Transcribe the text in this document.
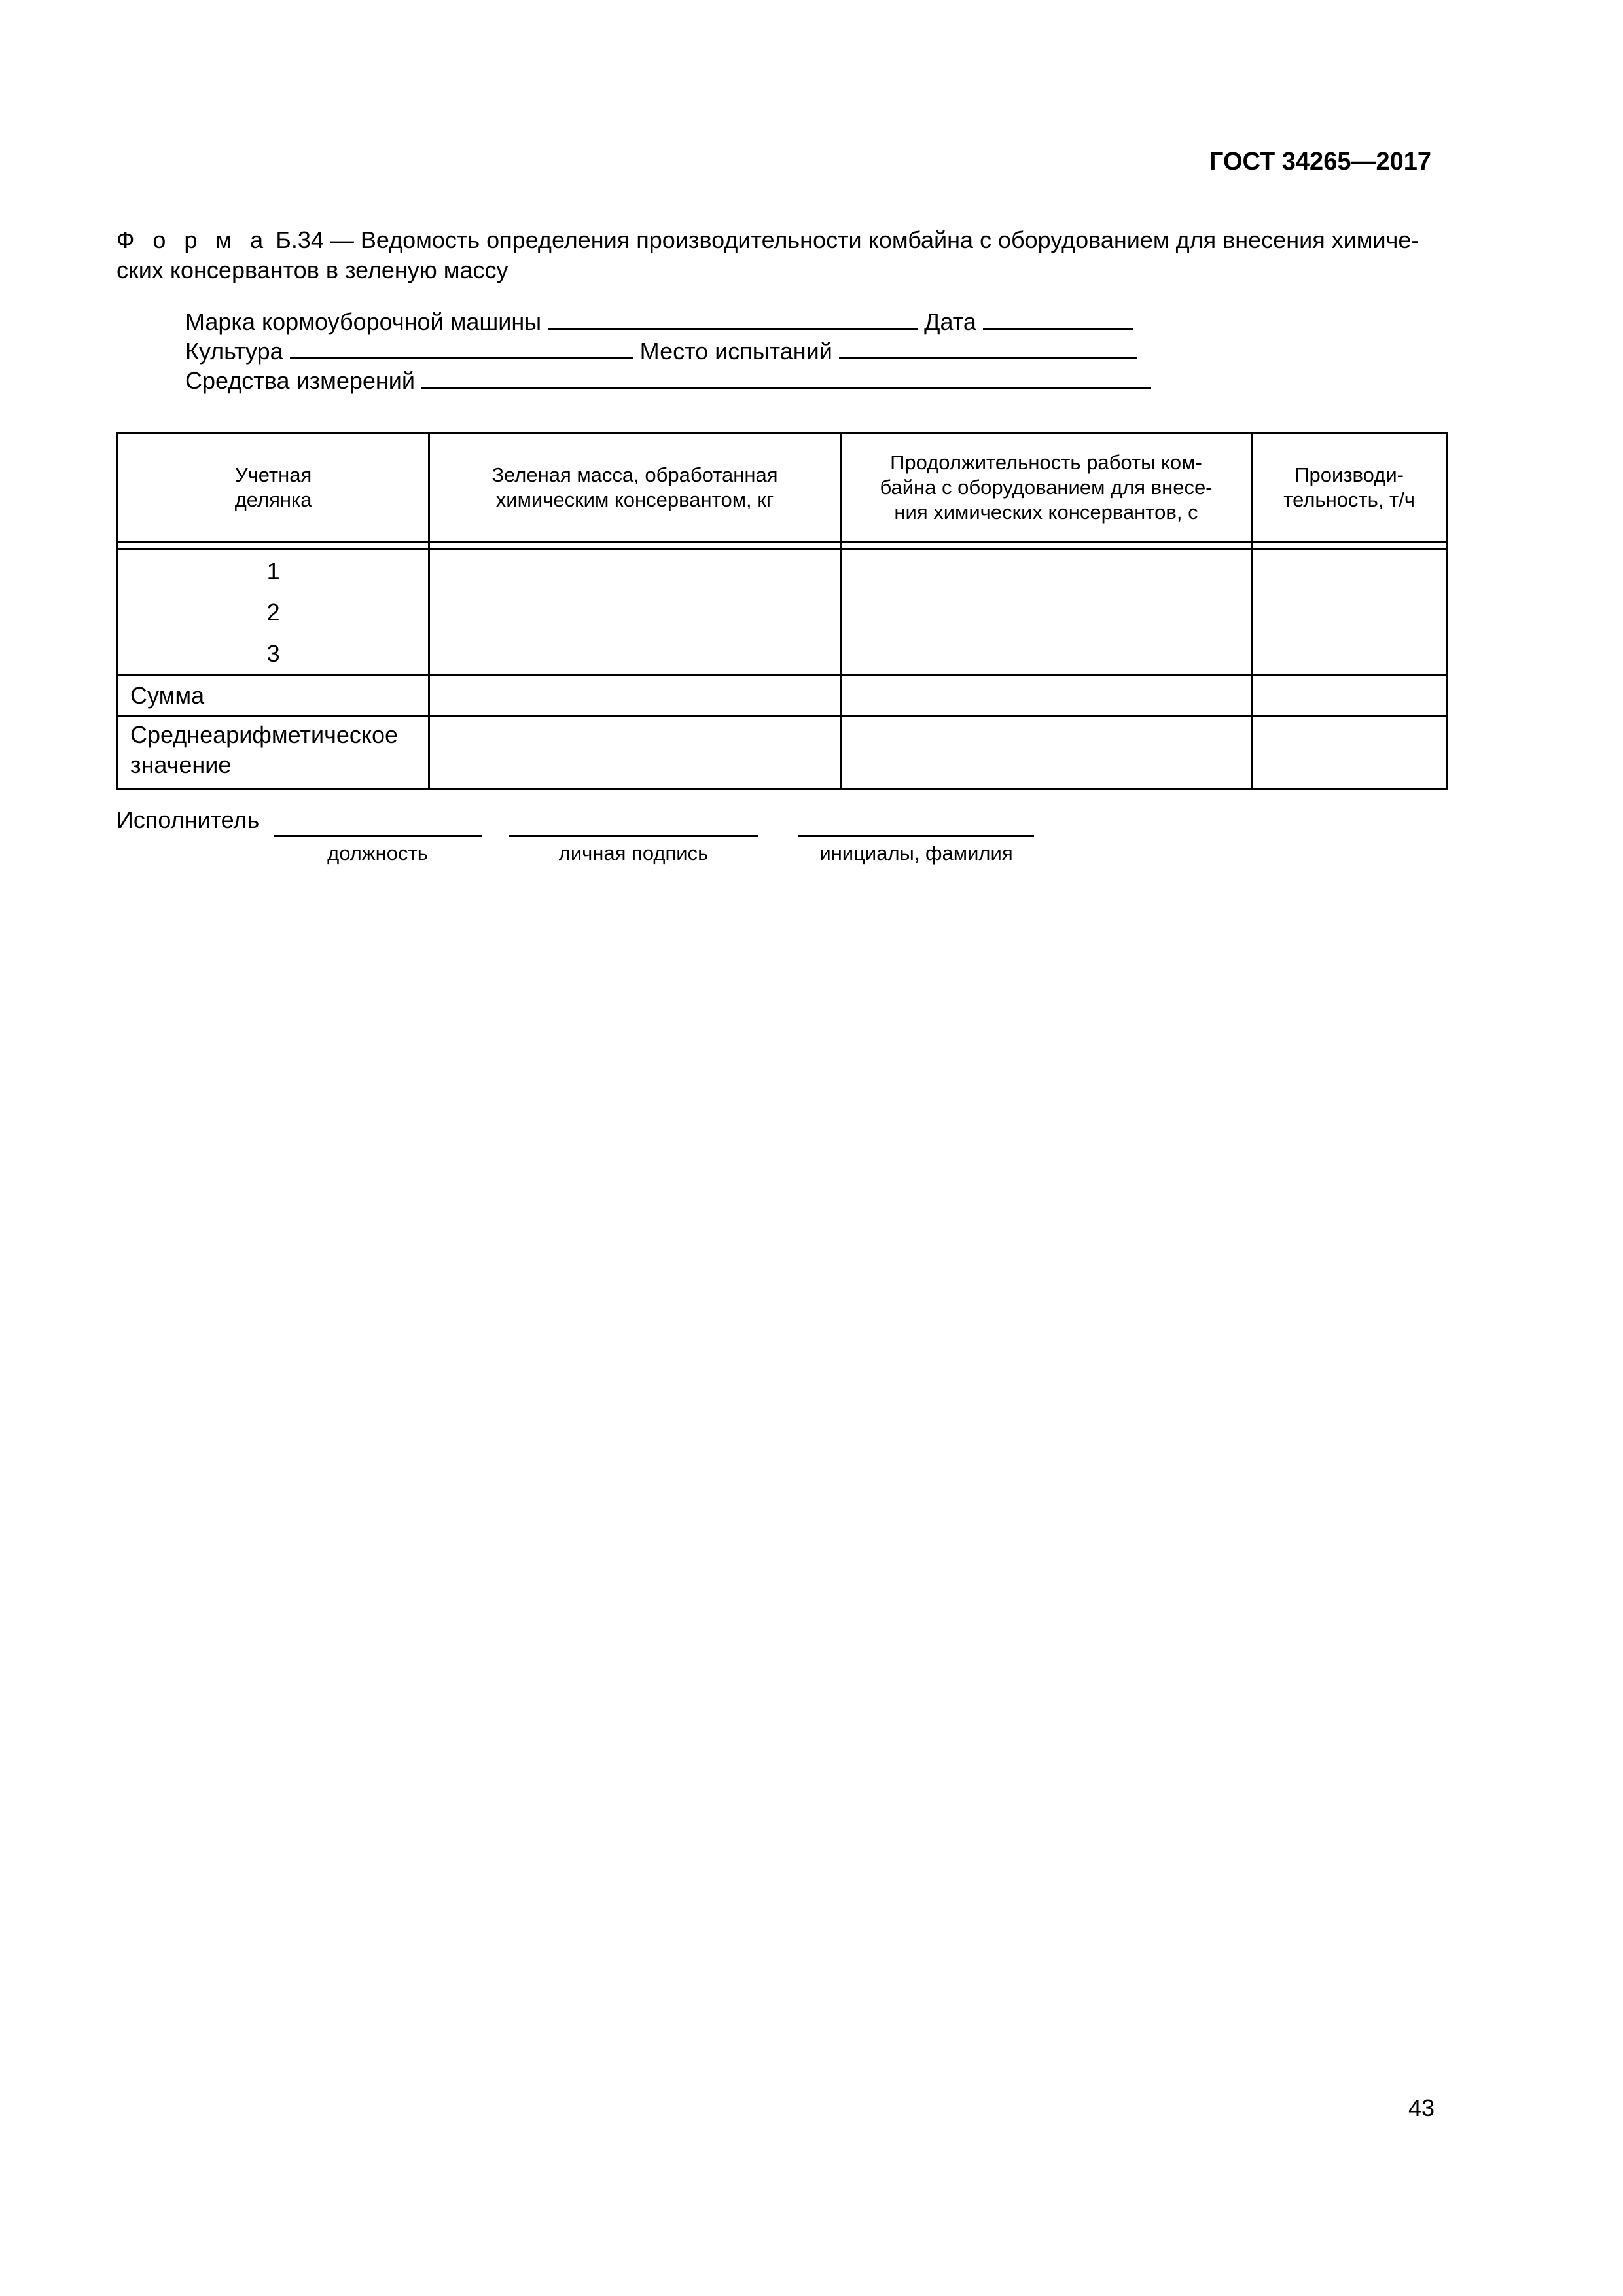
ГОСТ 34265—2017
Ф о р м а Б.34 — Ведомость определения производительности комбайна с оборудованием для внесения химиче-ских консервантов в зеленую массу
Марка кормоуборочной машины	Дата
Культура	Место испытаний
Средства измерений
Учетная делянка	Зеленая масса, обработанная химическим консервантом, кг	Продолжительность работы ком-байна с оборудованием для внесе-ния химических консервантов, с	Производи-тельность, т/ч

1
2
3			

Сумма			
Среднеарифметическое значение			
Исполнитель
должность	личная подпись	инициалы, фамилия
43
